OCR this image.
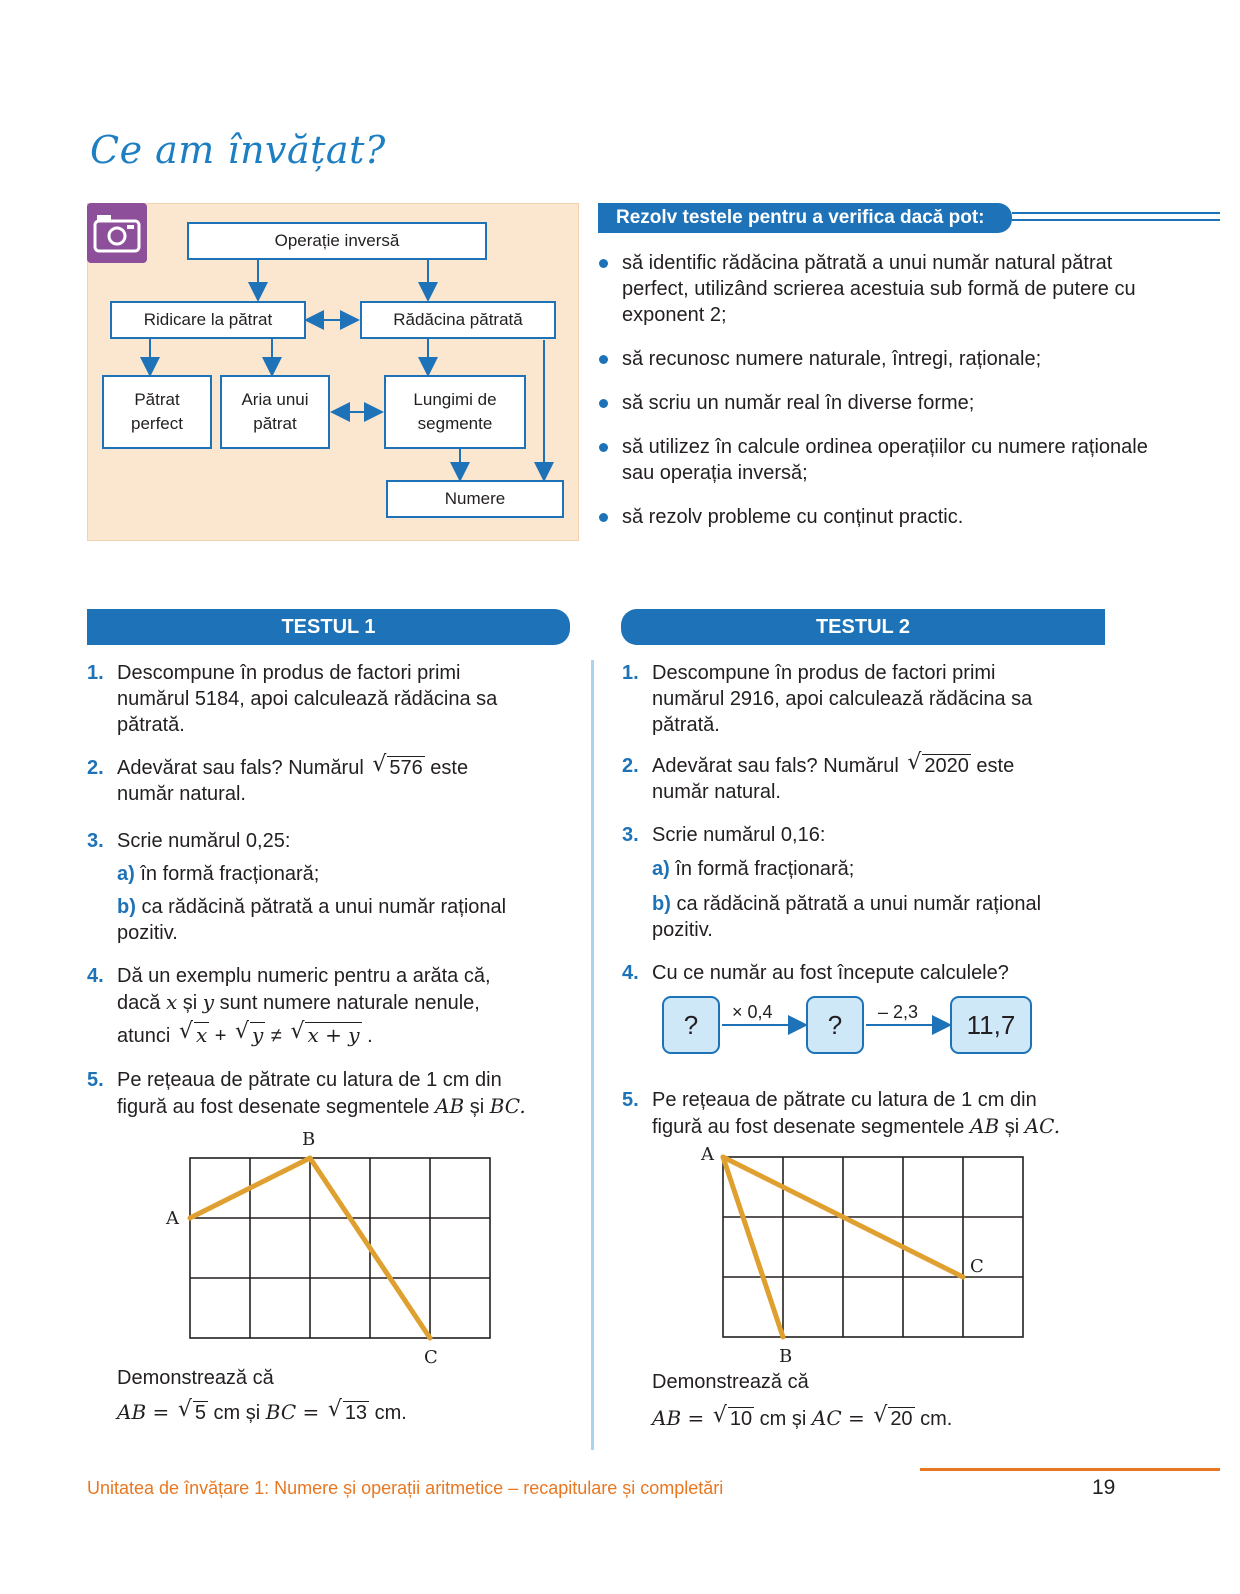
Ce am învățat?
Operație inversă
Ridicare la pătrat	Rădăcina pătrată
Pătrat
perfect
Aria unui
pătrat
Lungimi de
segmente
Numere
Rezolv testele pentru a verifica dacă pot:
să identific rădăcina pătrată a unui număr natural pătrat perfect, utilizând scrierea acestuia sub formă de putere cu exponent 2;
să recunosc numere naturale, întregi, raționale;
să scriu un număr real în diverse forme;
să utilizez în calcule ordinea operațiilor cu numere raționale sau operația inversă;
să rezolv probleme cu conținut practic.
TESTUL 1	TESTUL 2
1. Descompune în produs de factori primi numărul 5184, apoi calculează rădăcina sa pătrată.
2. Adevărat sau fals? Numărul √ 576 este
număr natural.
3. Scrie numărul 0,25:
a) în formă fracționară;
b) ca rădăcină pătrată a unui număr rațional pozitiv.
4. Dă un exemplu numeric pentru a arăta că,
dacă x și y sunt numere naturale nenule,
atunci √ x + √ y ≠ √ x + y .
5. Pe rețeaua de pătrate cu latura de 1 cm din
figură au fost desenate segmentele AB și BC.
Demonstrează că
AB = √ 5 cm și BC = √ 13 cm.
A
B
C
1. Descompune în produs de factori primi numărul 2916, apoi calculează rădăcina sa pătrată.
2. Adevărat sau fals? Numărul √ 2020 este
număr natural.
3. Scrie numărul 0,16:
a) în formă fracționară;
b) ca rădăcină pătrată a unui număr rațional pozitiv.
4. Cu ce număr au fost începute calculele?
5. Pe rețeaua de pătrate cu latura de 1 cm din
figură au fost desenate segmentele AB și AC.
Demonstrează că
AB = √ 10 cm și AC = √ 20 cm.
?	?	11,7
× 0,4	– 2,3
A
B
C
Unitatea de învățare 1: Numere și operații aritmetice – recapitulare și completări	19
